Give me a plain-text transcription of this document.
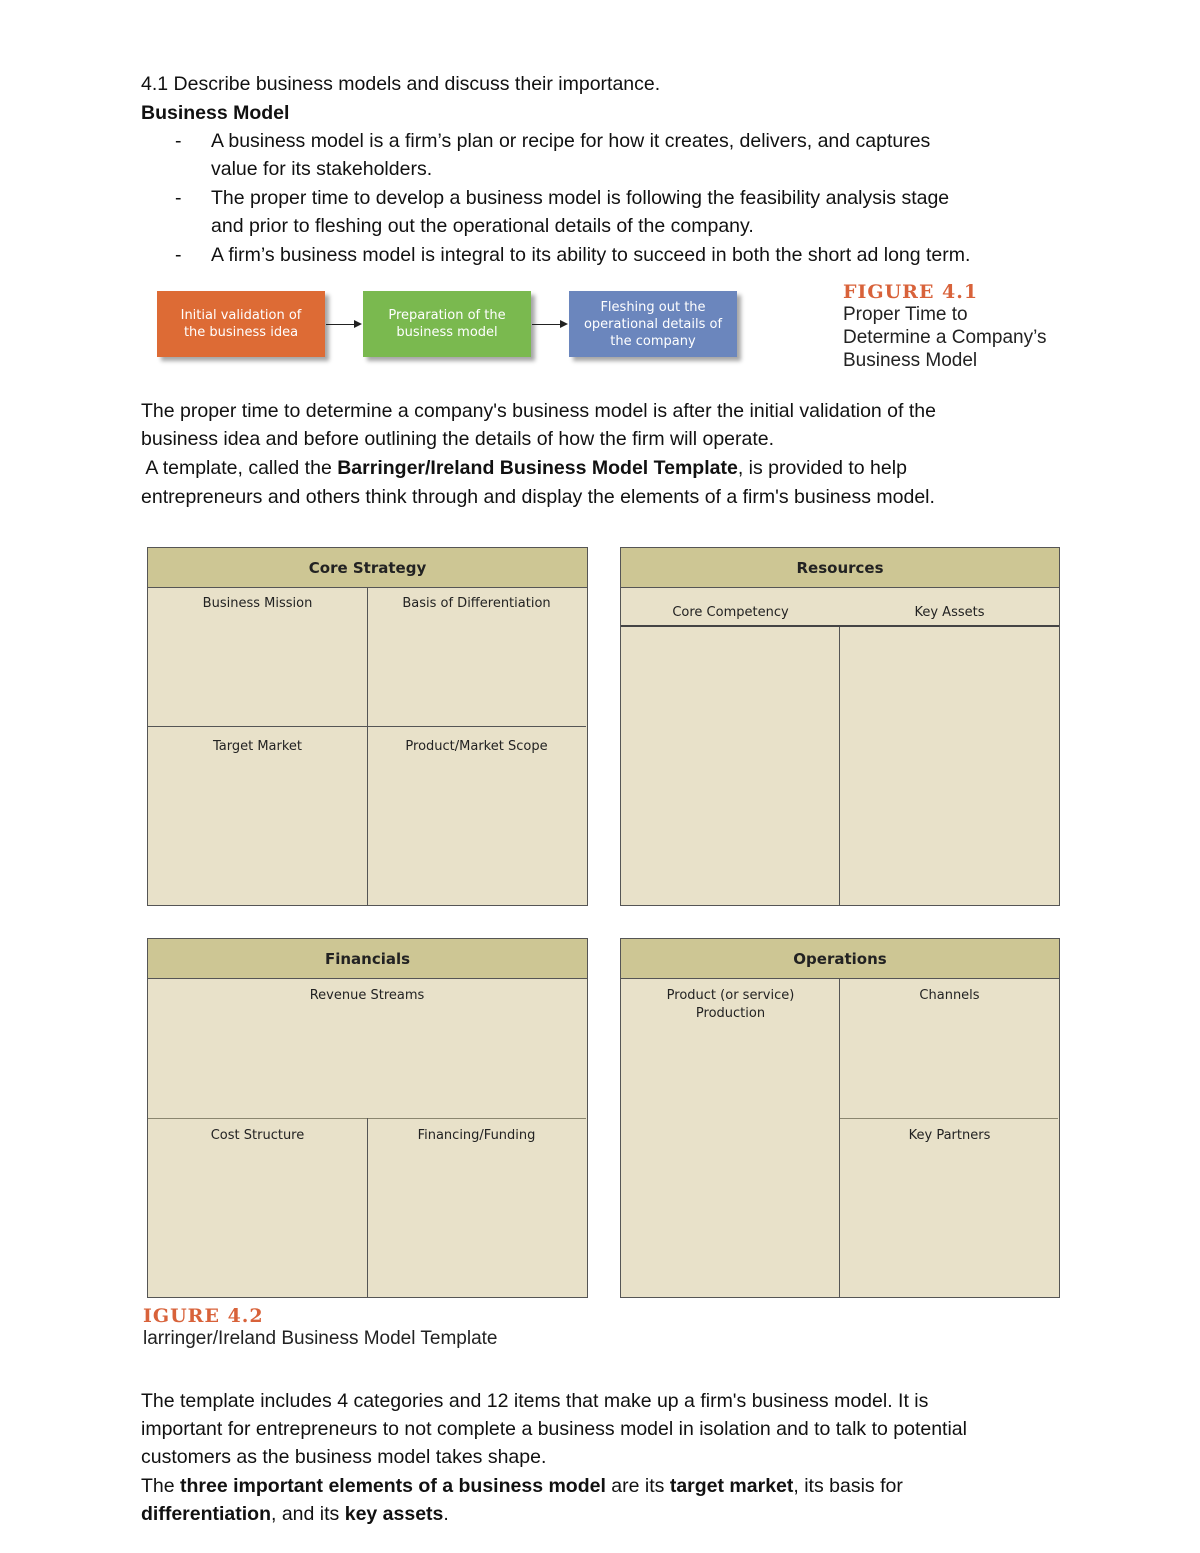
4.1 Describe business models and discuss their importance.
Business Model
- A business model is a firm’s plan or recipe for how it creates, delivers, and captures
value for its stakeholders.
- The proper time to develop a business model is following the feasibility analysis stage
and prior to fleshing out the operational details of the company.
- A firm’s business model is integral to its ability to succeed in both the short ad long term.
Initial validation of the business idea
Preparation of the business model
Fleshing out the operational details of the company
FIGURE 4.1
Proper Time to
Determine a Company’s
Business Model
The proper time to determine a company's business model is after the initial validation of the
business idea and before outlining the details of how the firm will operate.
A template, called the Barringer/Ireland Business Model Template, is provided to help
entrepreneurs and others think through and display the elements of a firm's business model.
Core Strategy
Business Mission	Basis of Differentiation
Target Market	Product/Market Scope
Resources
Core Competency	Key Assets
Financials
Revenue Streams
Cost Structure	Financing/Funding
Operations
Product (or service)
Production
Channels
Key Partners
IGURE 4.2
larringer/Ireland Business Model Template
The template includes 4 categories and 12 items that make up a firm's business model. It is
important for entrepreneurs to not complete a business model in isolation and to talk to potential
customers as the business model takes shape.
The three important elements of a business model are its target market, its basis for
differentiation, and its key assets.
